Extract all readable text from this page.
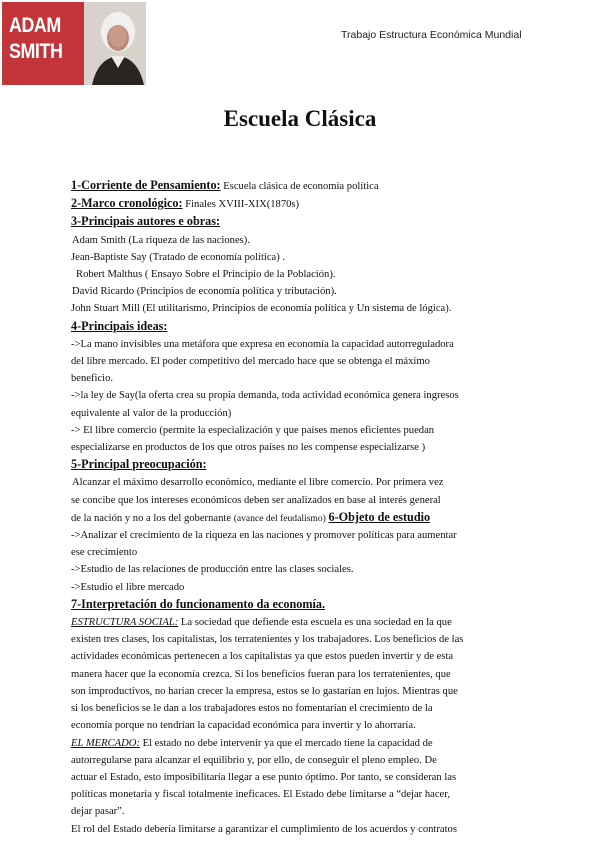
ADAM
SMITH
Trabajo Estructura Económica Mundial
Escuela Clásica

1-Corriente de Pensamiento: Escuela clásica de economía política

2-Marco cronológico: Finales XVIII-XIX(1870s)

3-Principais autores e obras:

Adam Smith (La riqueza de las naciones).

Jean-Baptiste Say (Tratado de economía política) .

Robert Malthus ( Ensayo Sobre el Principio de la Población).

David Ricardo (Principios de economía política y tributación).

John Stuart Mill (El utilitarismo, Principios de economía política y Un sistema de lógica).

4-Principais ideas:

->La mano invisibles una metáfora que expresa en economía la capacidad autorreguladora

del libre mercado. El poder competitivo del mercado hace que se obtenga el máximo

beneficio.

->la ley de Say(la oferta crea su propia demanda, toda actividad económica genera ingresos

equivalente al valor de la producción)

-> El libre comercio (permite la especialización y que países menos eficientes puedan

especializarse en productos de los que otros países no les compense especializarse )

5-Principal preocupación:

Alcanzar el máximo desarrollo económico, mediante el libre comercio. Por primera vez

se concibe que los intereses económicos deben ser analizados en base al interés general

de la nación y no a los del gobernante (avance del feudalismo) 6-Objeto de estudio

->Analizar el crecimiento de la riqueza en las naciones y promover políticas para aumentar

ese crecimiento

->Estudio de las relaciones de producción entre las clases sociales.

->Estudio el libre mercado

7-Interpretación do funcionamento da economía.

ESTRUCTURA SOCIAL: La sociedad que defiende esta escuela es una sociedad en la que

existen tres clases, los capitalistas, los terratenientes y los trabajadores. Los beneficios de las

actividades económicas pertenecen a los capitalistas ya que estos pueden invertir y de esta

manera hacer que la economía crezca. Si los beneficios fueran para los terratenientes, que

son improductivos, no harían crecer la empresa, estos se lo gastarían en lujos. Mientras que

si los beneficios se le dan a los trabajadores estos no fomentarían el crecimiento de la

economía porque no tendrían la capacidad económica para invertir y lo ahorraría.

EL MERCADO: El estado no debe intervenir ya que el mercado tiene la capacidad de

autorregularse para alcanzar el equilibrio y, por ello, de conseguir el pleno empleo. De

actuar el Estado, esto imposibilitaría llegar a ese punto óptimo. Por tanto, se consideran las

políticas monetaria y fiscal totalmente ineficaces. El Estado debe limitarse a “dejar hacer,

dejar pasar”.

El rol del Estado debería limitarse a garantizar el cumplimiento de los acuerdos y contratos
